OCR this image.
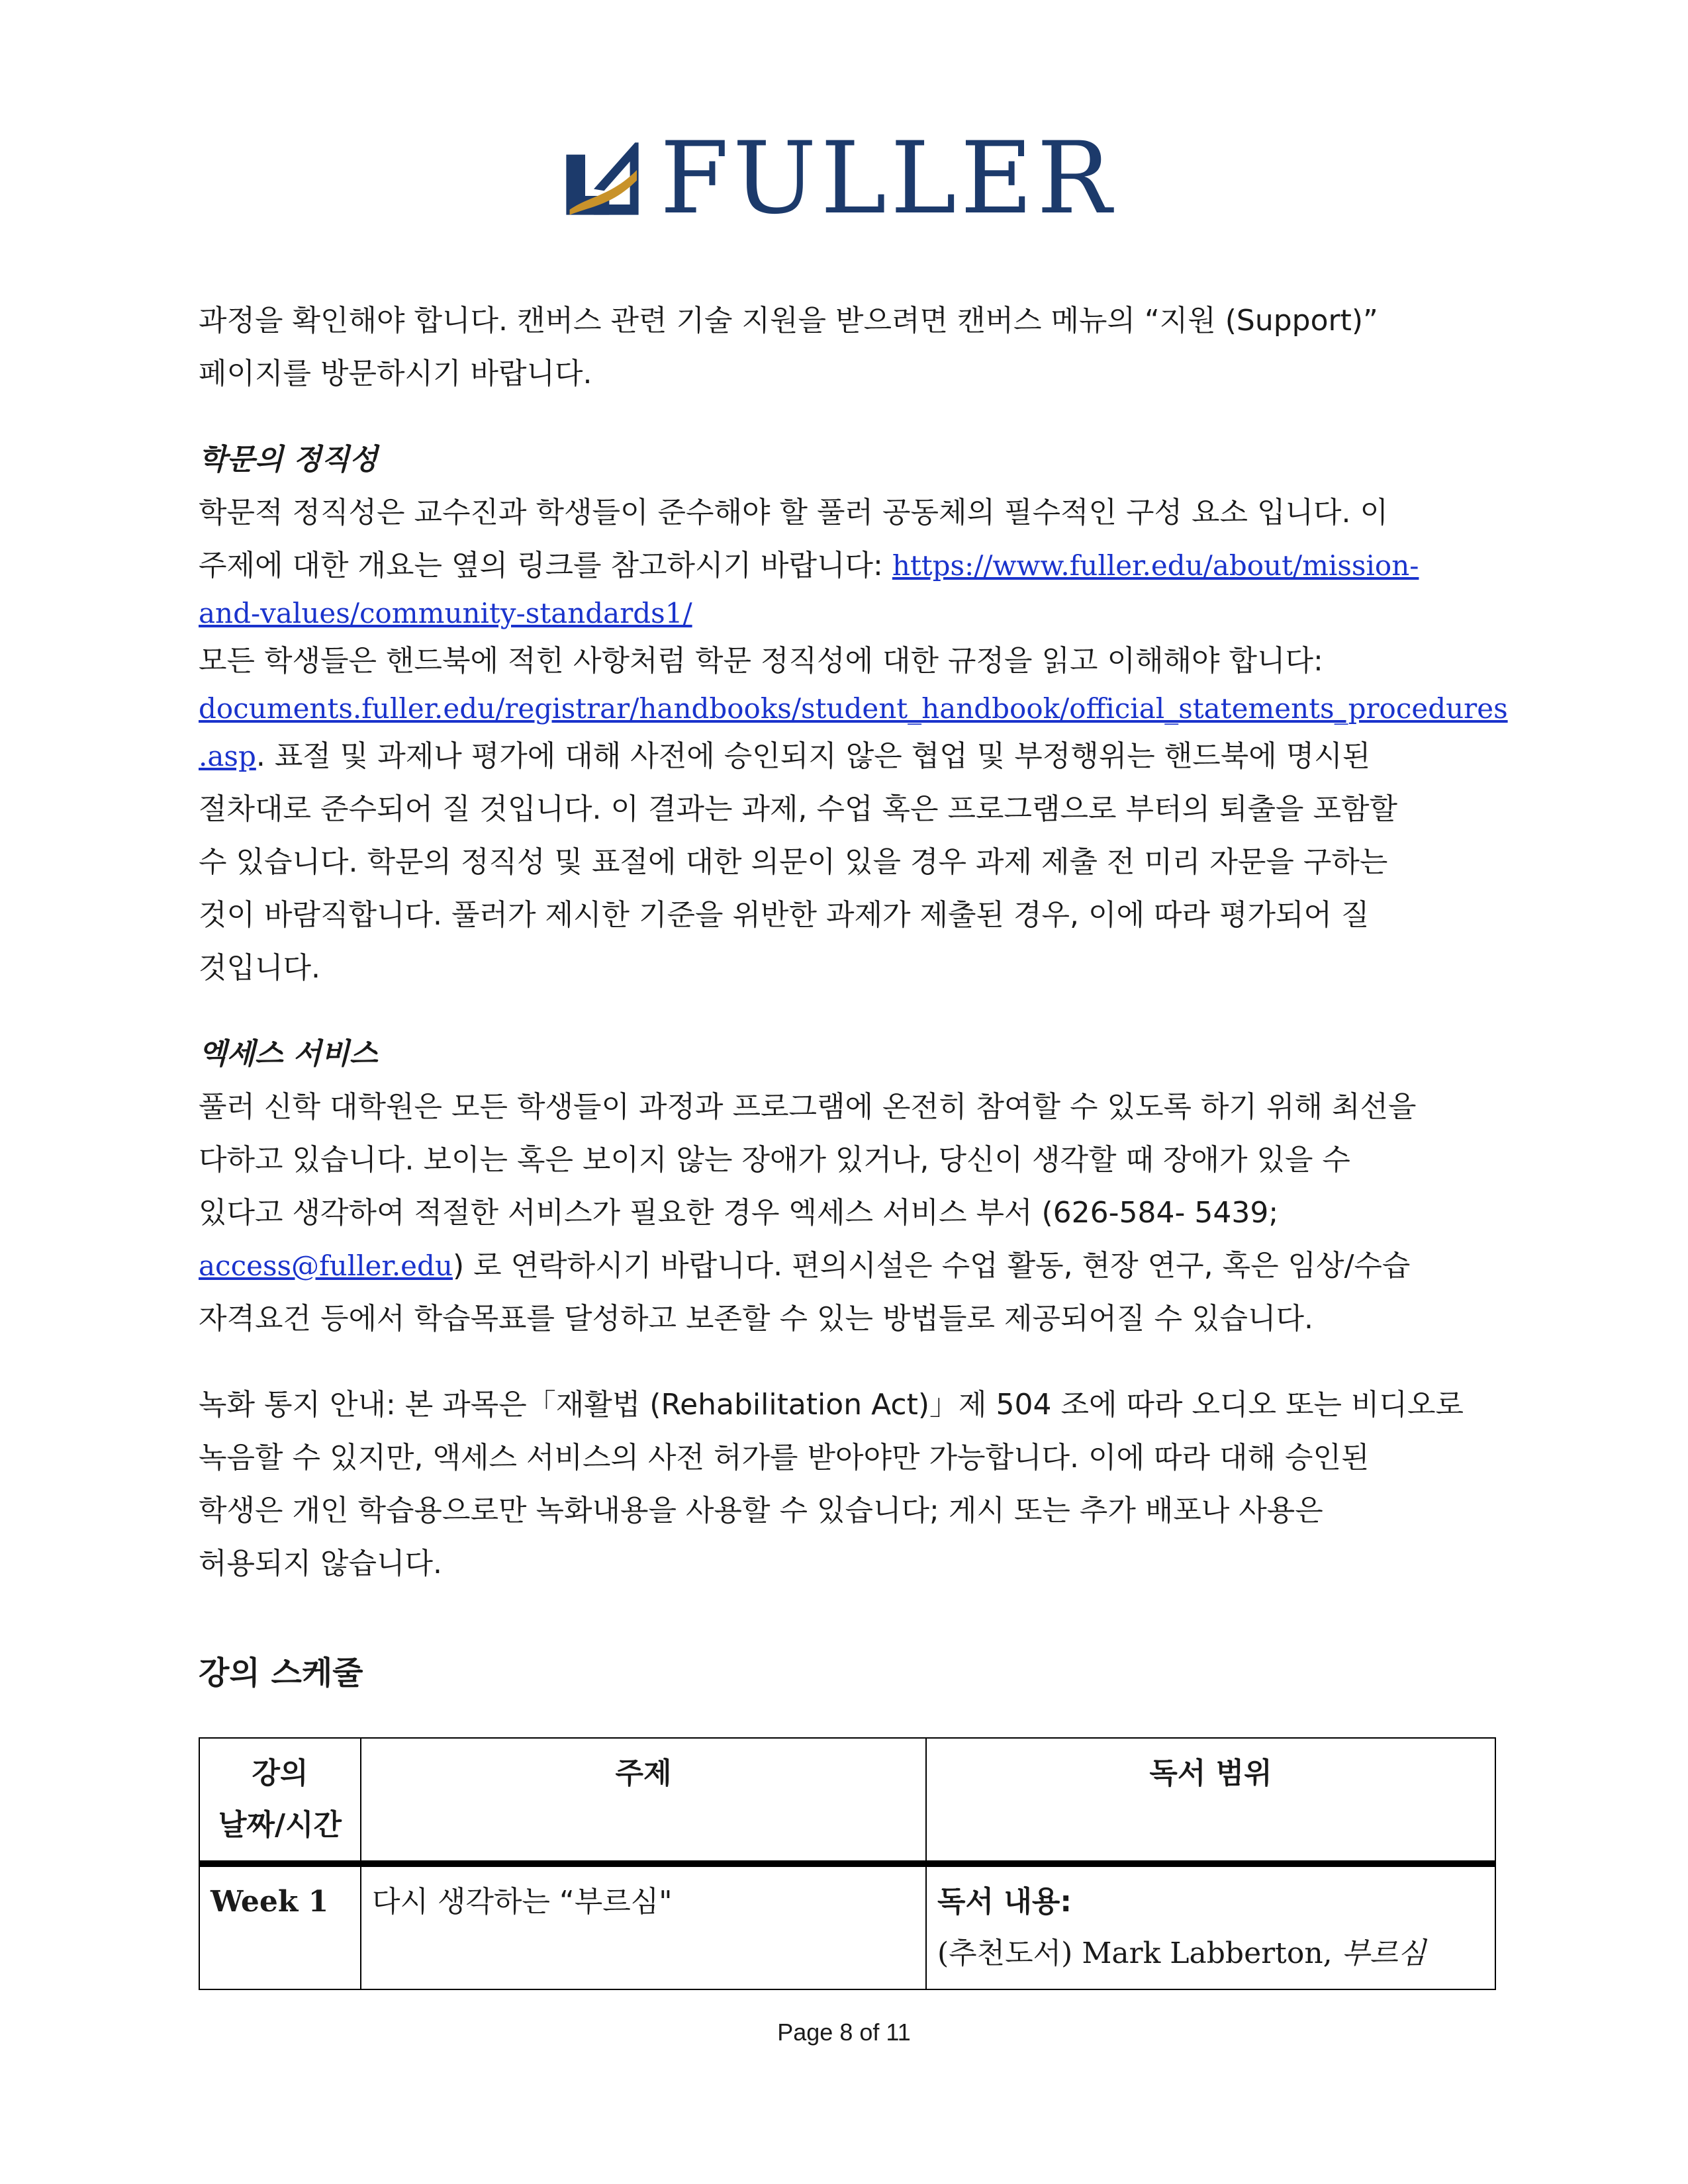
FULLER

과정을 확인해야 합니다. 캔버스 관련 기술 지원을 받으려면 캔버스 메뉴의 “지원 (Support)”

페이지를 방문하시기 바랍니다.

학문의 정직성

학문적 정직성은 교수진과 학생들이 준수해야 할 풀러 공동체의 필수적인 구성 요소 입니다. 이

주제에 대한 개요는 옆의 링크를 참고하시기 바랍니다: https://www.fuller.edu/about/mission-

and-values/community-standards1/

모든 학생들은 핸드북에 적힌 사항처럼 학문 정직성에 대한 규정을 읽고 이해해야 합니다:

documents.fuller.edu/registrar/handbooks/student_handbook/official_statements_procedures

.asp. 표절 및 과제나 평가에 대해 사전에 승인되지 않은 협업 및 부정행위는 핸드북에 명시된

절차대로 준수되어 질 것입니다. 이 결과는 과제, 수업 혹은 프로그램으로 부터의 퇴출을 포함할

수 있습니다. 학문의 정직성 및 표절에 대한 의문이 있을 경우 과제 제출 전 미리 자문을 구하는

것이 바람직합니다. 풀러가 제시한 기준을 위반한 과제가 제출된 경우, 이에 따라 평가되어 질

것입니다.

엑세스 서비스

풀러 신학 대학원은 모든 학생들이 과정과 프로그램에 온전히 참여할 수 있도록 하기 위해 최선을

다하고 있습니다. 보이는 혹은 보이지 않는 장애가 있거나, 당신이 생각할 때 장애가 있을 수

있다고 생각하여 적절한 서비스가 필요한 경우 엑세스 서비스 부서 (626-584- 5439;

access@fuller.edu) 로 연락하시기 바랍니다. 편의시설은 수업 활동, 현장 연구, 혹은 임상/수습

자격요건 등에서 학습목표를 달성하고 보존할 수 있는 방법들로 제공되어질 수 있습니다.

녹화 통지 안내: 본 과목은「재활법 (Rehabilitation Act)」제 504 조에 따라 오디오 또는 비디오로

녹음할 수 있지만, 액세스 서비스의 사전 허가를 받아야만 가능합니다. 이에 따라 대해 승인된

학생은 개인 학습용으로만 녹화내용을 사용할 수 있습니다; 게시 또는 추가 배포나 사용은

허용되지 않습니다.

강의 스케줄

강의
날짜/시간	주제	독서 범위
Week 1	다시 생각하는 “부르심"	독서 내용:
(추천도서) Mark Labberton, 부르심
Page 8 of 11
